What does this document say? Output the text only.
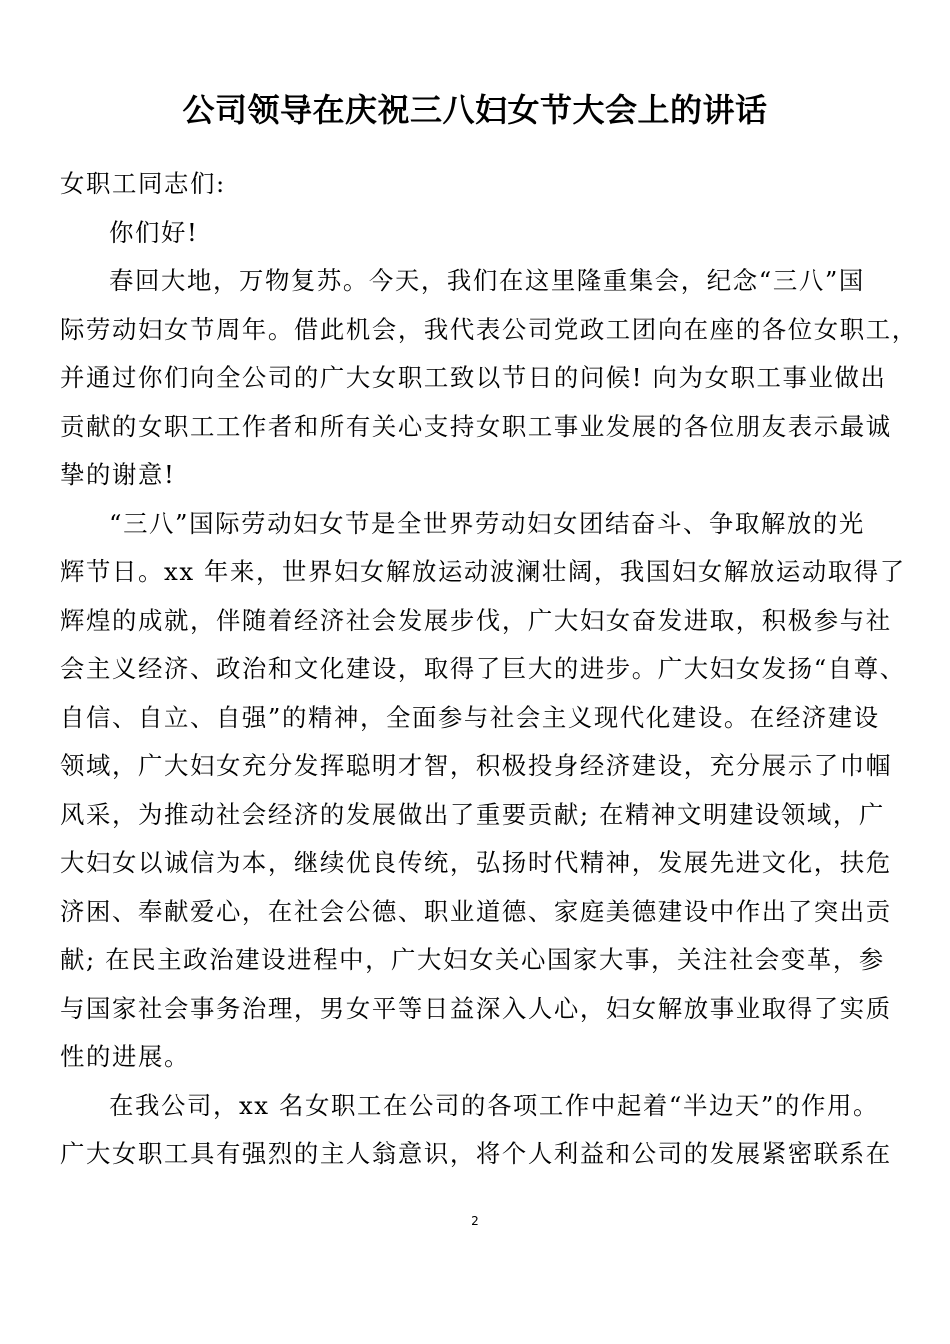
公司领导在庆祝三八妇女节大会上的讲话
女职工同志们:
你们好!
春回大地，万物复苏。今天，我们在这里隆重集会，纪念“三八”国
际劳动妇女节周年。借此机会，我代表公司党政工团向在座的各位女职工，
并通过你们向全公司的广大女职工致以节日的问候! 向为女职工事业做出
贡献的女职工工作者和所有关心支持女职工事业发展的各位朋友表示最诚
挚的谢意!
“三八”国际劳动妇女节是全世界劳动妇女团结奋斗、争取解放的光
辉节日。xx 年来，世界妇女解放运动波澜壮阔，我国妇女解放运动取得了
辉煌的成就，伴随着经济社会发展步伐，广大妇女奋发进取，积极参与社
会主义经济、政治和文化建设，取得了巨大的进步。广大妇女发扬“自尊、
自信、自立、自强”的精神，全面参与社会主义现代化建设。在经济建设
领域，广大妇女充分发挥聪明才智，积极投身经济建设，充分展示了巾帼
风采，为推动社会经济的发展做出了重要贡献; 在精神文明建设领域，广
大妇女以诚信为本，继续优良传统，弘扬时代精神，发展先进文化，扶危
济困、奉献爱心，在社会公德、职业道德、家庭美德建设中作出了突出贡
献; 在民主政治建设进程中，广大妇女关心国家大事，关注社会变革，参
与国家社会事务治理，男女平等日益深入人心，妇女解放事业取得了实质
性的进展。
在我公司，xx 名女职工在公司的各项工作中起着“半边天”的作用。
广大女职工具有强烈的主人翁意识，将个人利益和公司的发展紧密联系在
2
